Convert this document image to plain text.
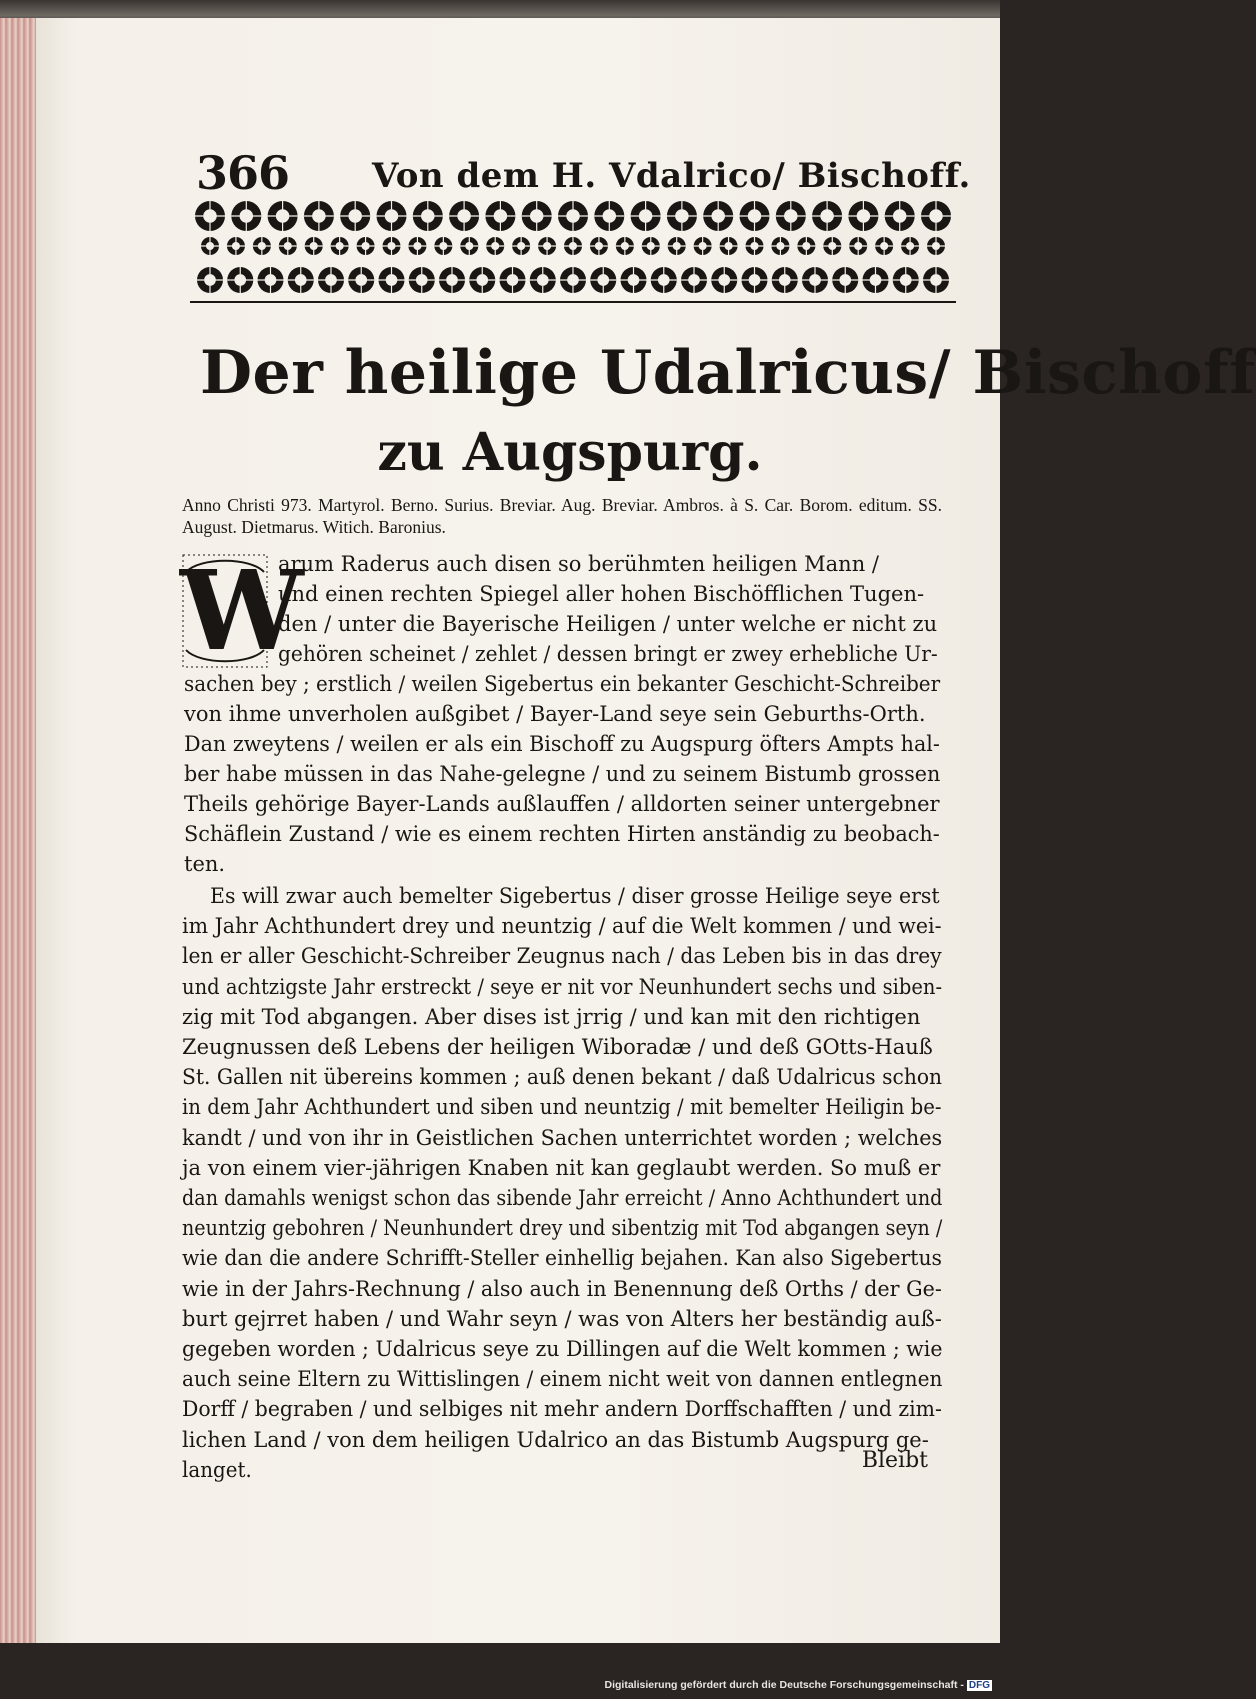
366 Von dem H. Vdalrico/ Bischoff.
Der heilige Udalricus/ Bischoff
zu Augspurg.
Anno Christi 973. Martyrol. Berno. Surius. Breviar. Aug. Breviar. Ambros. à S. Car. Borom. editum. SS. August. Dietmarus. Witich. Baronius.
W
Bleibt
Digitalisierung gefördert durch die Deutsche Forschungsgemeinschaft - DFG
arum Raderus auch disen so berühmten heiligen Mann /
und einen rechten Spiegel aller hohen Bischöfflichen Tugen-
den / unter die Bayerische Heiligen / unter welche er nicht zu
gehören scheinet / zehlet / dessen bringt er zwey erhebliche Ur-
sachen bey ; erstlich / weilen Sigebertus ein bekanter Geschicht-Schreiber
von ihme unverholen außgibet / Bayer-Land seye sein Geburths-Orth.
Dan zweytens / weilen er als ein Bischoff zu Augspurg öfters Ampts hal-
ber habe müssen in das Nahe-gelegne / und zu seinem Bistumb grossen
Theils gehörige Bayer-Lands außlauffen / alldorten seiner untergebner
Schäflein Zustand / wie es einem rechten Hirten anständig zu beobach-
ten.
Es will zwar auch bemelter Sigebertus / diser grosse Heilige seye erst
im Jahr Achthundert drey und neuntzig / auf die Welt kommen / und wei-
len er aller Geschicht-Schreiber Zeugnus nach / das Leben bis in das drey
und achtzigste Jahr erstreckt / seye er nit vor Neunhundert sechs und siben-
zig mit Tod abgangen. Aber dises ist jrrig / und kan mit den richtigen
Zeugnussen deß Lebens der heiligen Wiboradæ / und deß GOtts-Hauß
St. Gallen nit übereins kommen ; auß denen bekant / daß Udalricus schon
in dem Jahr Achthundert und siben und neuntzig / mit bemelter Heiligin be-
kandt / und von ihr in Geistlichen Sachen unterrichtet worden ; welches
ja von einem vier-jährigen Knaben nit kan geglaubt werden. So muß er
dan damahls wenigst schon das sibende Jahr erreicht / Anno Achthundert und
neuntzig gebohren / Neunhundert drey und sibentzig mit Tod abgangen seyn /
wie dan die andere Schrifft-Steller einhellig bejahen. Kan also Sigebertus
wie in der Jahrs-Rechnung / also auch in Benennung deß Orths / der Ge-
burt gejrret haben / und Wahr seyn / was von Alters her beständig auß-
gegeben worden ; Udalricus seye zu Dillingen auf die Welt kommen ; wie
auch seine Eltern zu Wittislingen / einem nicht weit von dannen entlegnen
Dorff / begraben / und selbiges nit mehr andern Dorffschafften / und zim-
lichen Land / von dem heiligen Udalrico an das Bistumb Augspurg ge-
langet.
